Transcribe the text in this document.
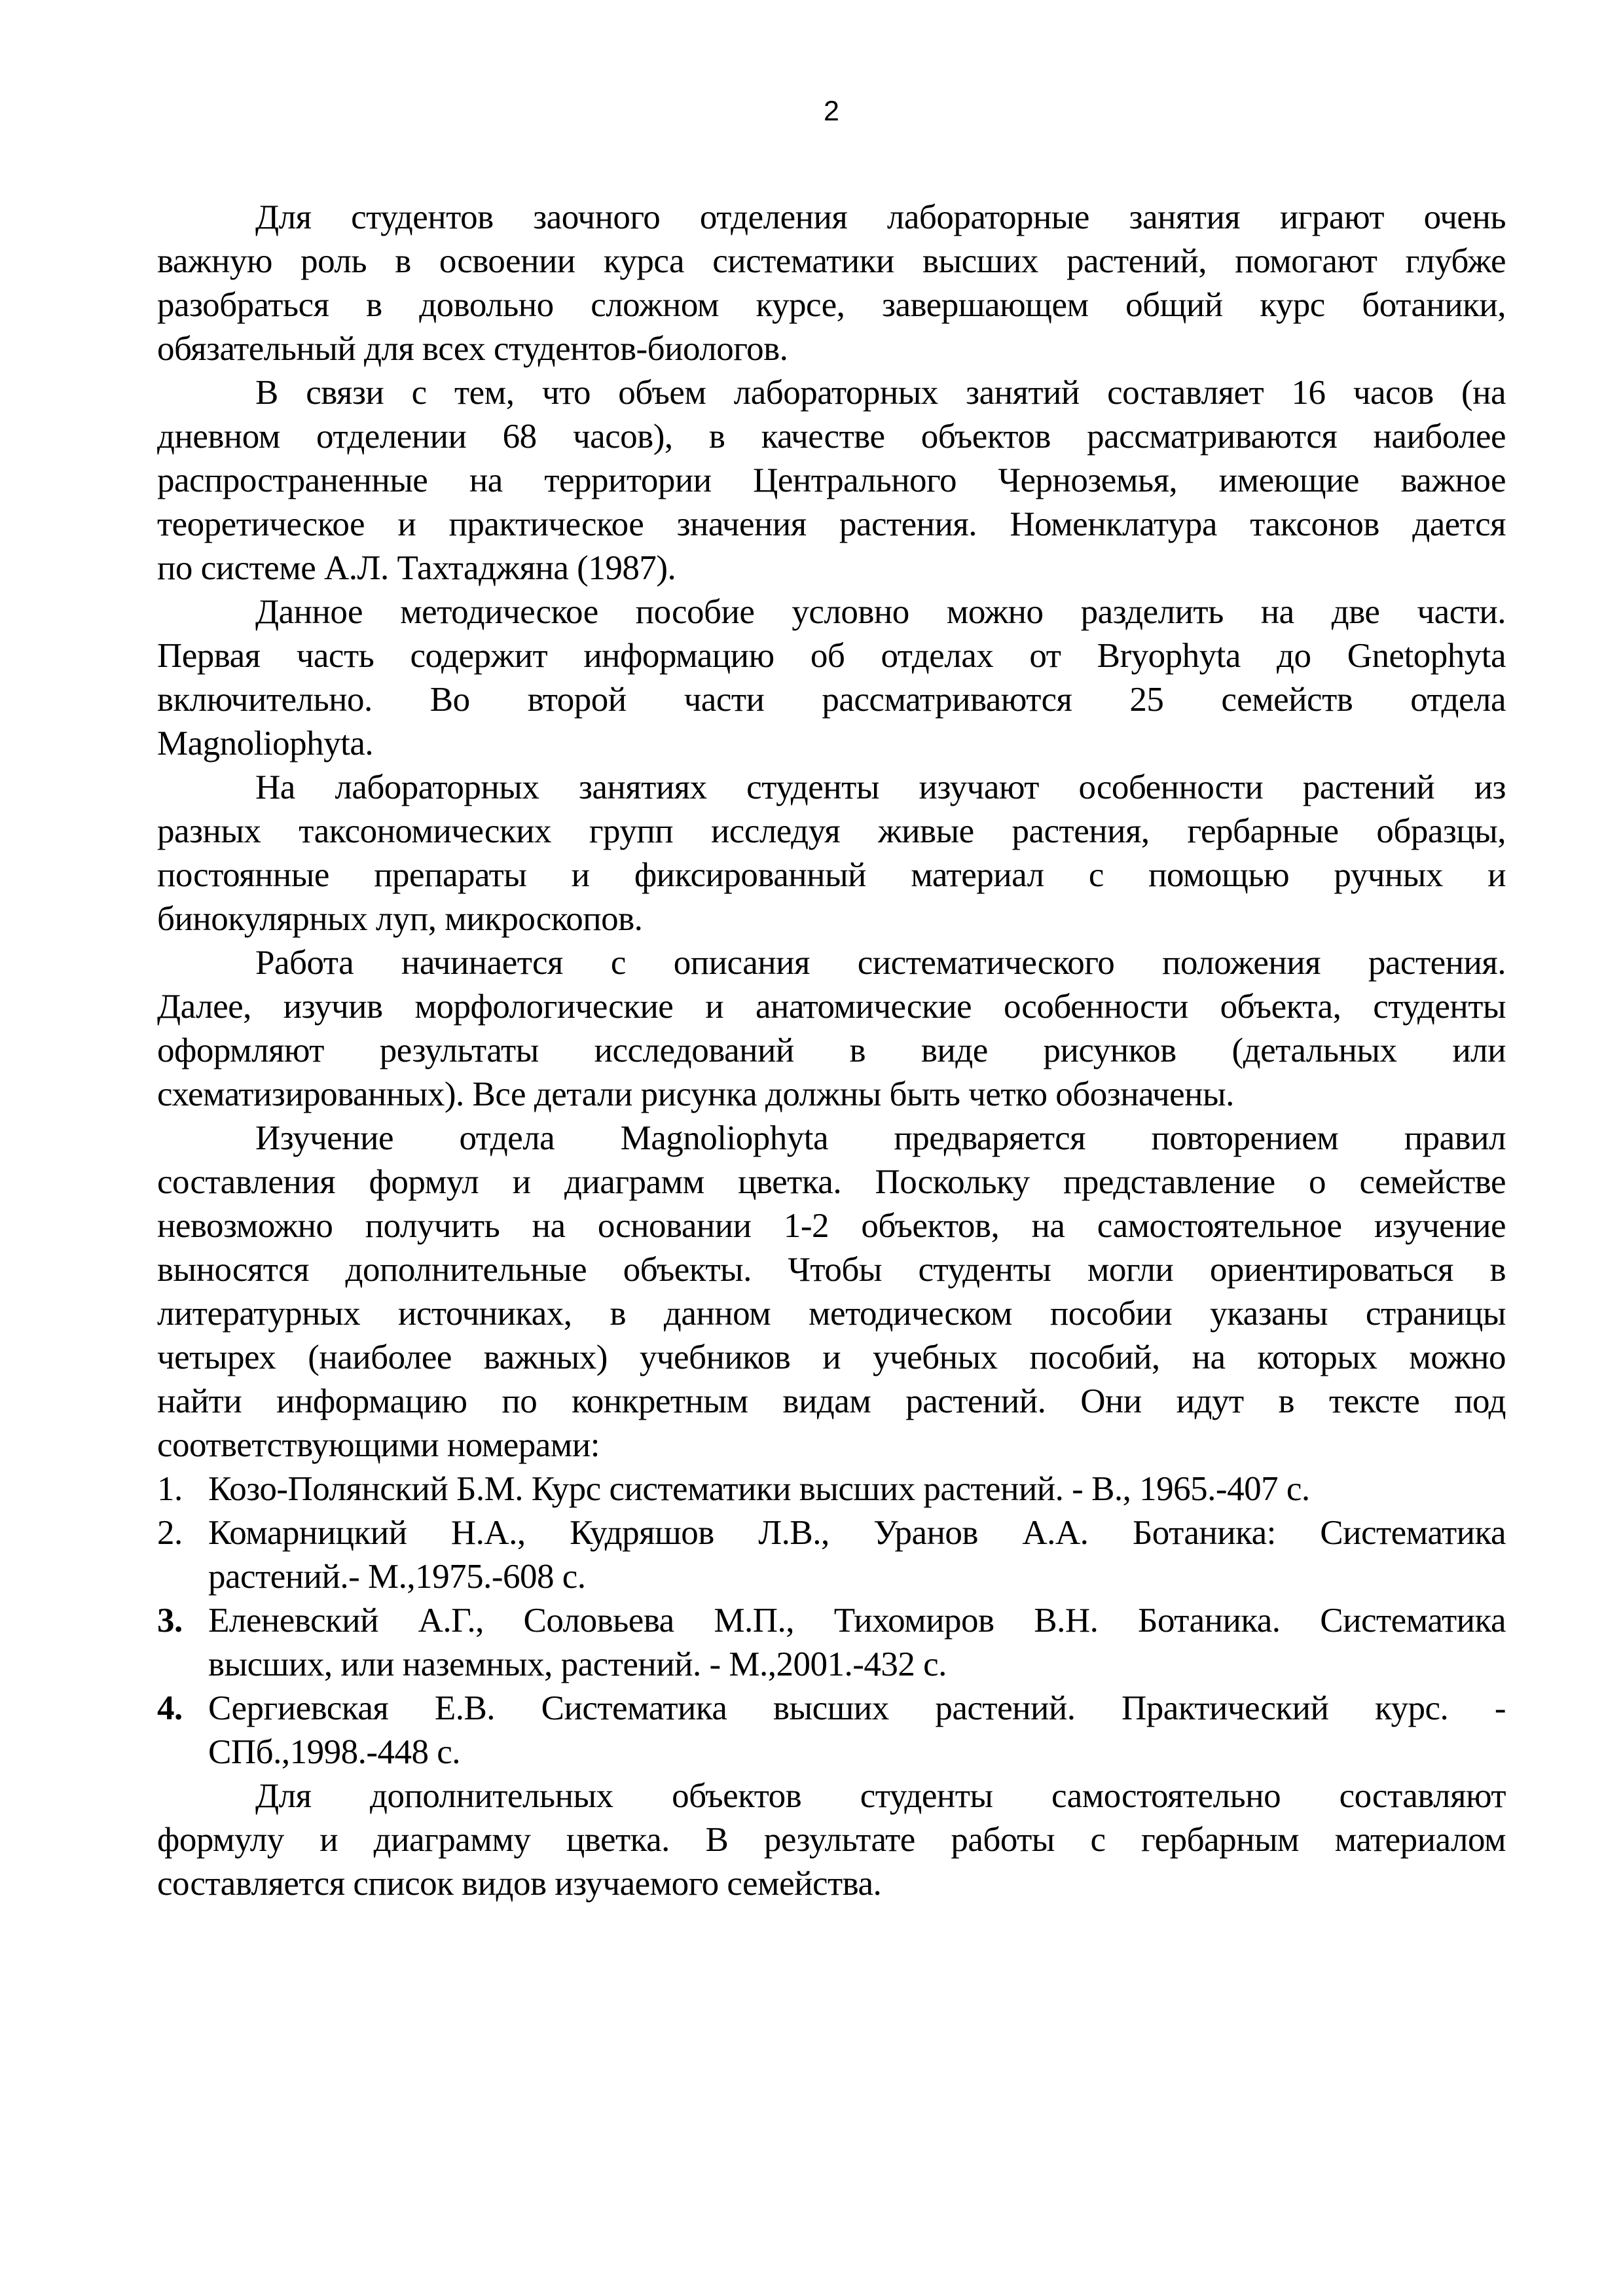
2
Для студентов заочного отделения лабораторные занятия играют очень
важную роль в освоении курса систематики высших растений, помогают глубже
разобраться в довольно сложном курсе, завершающем общий курс ботаники,
обязательный для всех студентов-биологов.
В связи с тем, что объем лабораторных занятий составляет 16 часов (на
дневном отделении 68 часов), в качестве объектов рассматриваются наиболее
распространенные на территории Центрального Черноземья, имеющие важное
теоретическое и практическое значения растения. Номенклатура таксонов дается
по системе А.Л. Тахтаджяна (1987).
Данное методическое пособие условно можно разделить на две части.
Первая часть содержит информацию об отделах от Bryophyta до Gnetophyta
включительно. Во второй части рассматриваются 25 семейств отдела
Magnoliophyta.
На лабораторных занятиях студенты изучают особенности растений из
разных таксономических групп исследуя живые растения, гербарные образцы,
постоянные препараты и фиксированный материал с помощью ручных и
бинокулярных луп, микроскопов.
Работа начинается с описания систематического положения растения.
Далее, изучив морфологические и анатомические особенности объекта, студенты
оформляют результаты исследований в виде рисунков (детальных или
схематизированных). Все детали рисунка должны быть четко обозначены.
Изучение отдела Magnoliophyta предваряется повторением правил
составления формул и диаграмм цветка. Поскольку представление о семействе
невозможно получить на основании 1-2 объектов, на самостоятельное изучение
выносятся дополнительные объекты. Чтобы студенты могли ориентироваться в
литературных источниках, в данном методическом пособии указаны страницы
четырех (наиболее важных) учебников и учебных пособий, на которых можно
найти информацию по конкретным видам растений. Они идут в тексте под
соответствующими номерами:
1. Козо-Полянский Б.М. Курс систематики высших растений. - В., 1965.-407 с.
2. Комарницкий Н.А., Кудряшов Л.В., Уранов А.А. Ботаника: Систематика
растений.- М.,1975.-608 с.
3. Еленевский А.Г., Соловьева М.П., Тихомиров В.Н. Ботаника. Систематика
высших, или наземных, растений. - М.,2001.-432 с.
4. Сергиевская Е.В. Систематика высших растений. Практический курс. -
СПб.,1998.-448 с.
Для дополнительных объектов студенты самостоятельно составляют
формулу и диаграмму цветка. В результате работы с гербарным материалом
составляется список видов изучаемого семейства.
